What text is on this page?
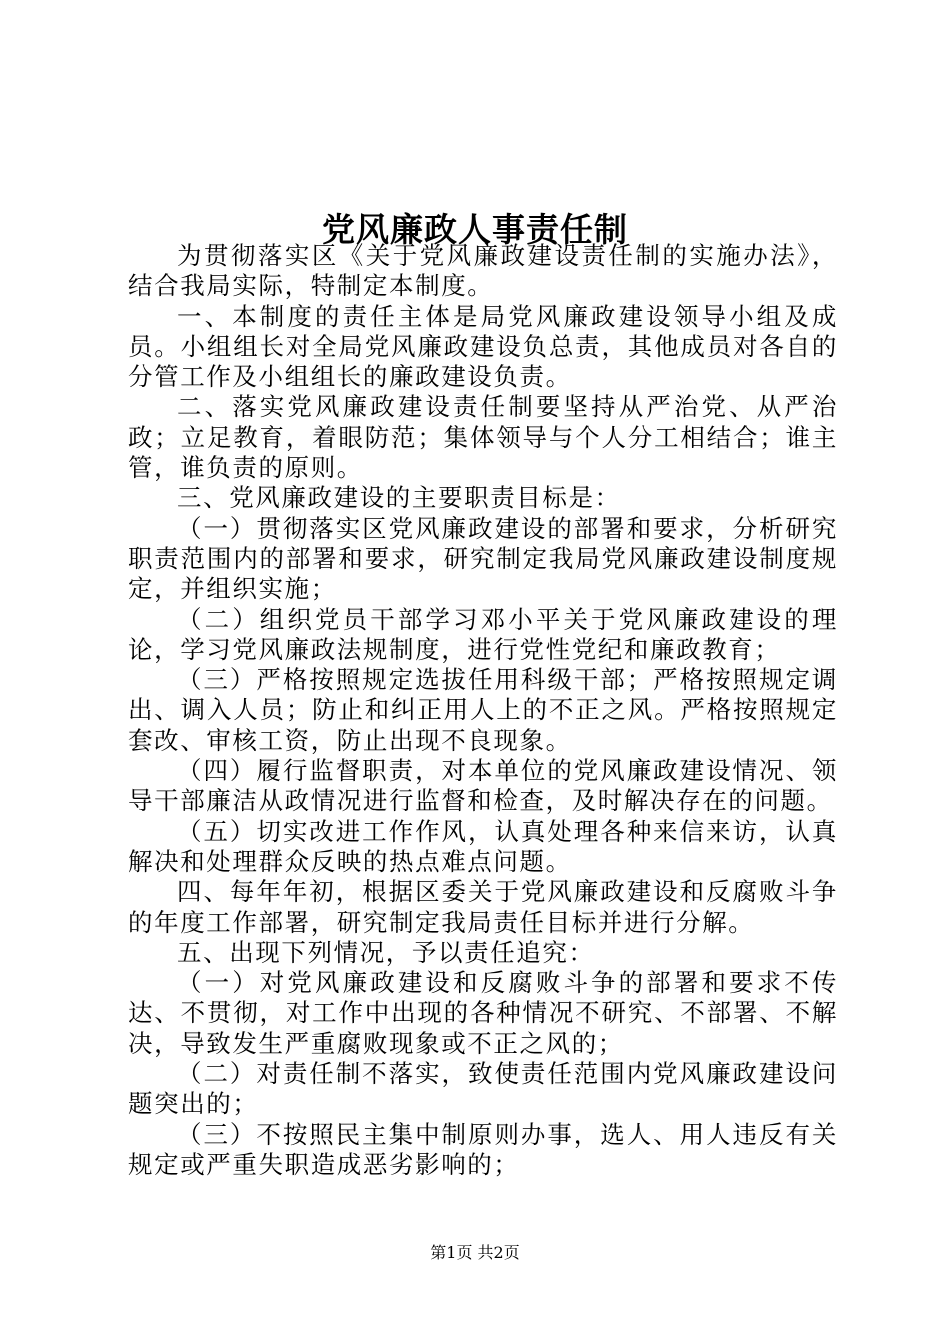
党风廉政人事责任制

为贯彻落实区《关于党风廉政建设责任制的实施办法》，结合我局实际，特制定本制度。

一、本制度的责任主体是局党风廉政建设领导小组及成员。小组组长对全局党风廉政建设负总责，其他成员对各自的分管工作及小组组长的廉政建设负责。

二、落实党风廉政建设责任制要坚持从严治党、从严治政；立足教育，着眼防范；集体领导与个人分工相结合；谁主管，谁负责的原则。

三、党风廉政建设的主要职责目标是：

（一）贯彻落实区党风廉政建设的部署和要求，分析研究职责范围内的部署和要求，研究制定我局党风廉政建设制度规定，并组织实施；

（二）组织党员干部学习邓小平关于党风廉政建设的理论，学习党风廉政法规制度，进行党性党纪和廉政教育；

（三）严格按照规定选拔任用科级干部；严格按照规定调出、调入人员；防止和纠正用人上的不正之风。严格按照规定套改、审核工资，防止出现不良现象。

（四）履行监督职责，对本单位的党风廉政建设情况、领导干部廉洁从政情况进行监督和检查，及时解决存在的问题。

（五）切实改进工作作风，认真处理各种来信来访，认真解决和处理群众反映的热点难点问题。

四、每年年初，根据区委关于党风廉政建设和反腐败斗争的年度工作部署，研究制定我局责任目标并进行分解。

五、出现下列情况，予以责任追究：

（一）对党风廉政建设和反腐败斗争的部署和要求不传达、不贯彻，对工作中出现的各种情况不研究、不部署、不解决，导致发生严重腐败现象或不正之风的；

（二）对责任制不落实，致使责任范围内党风廉政建设问题突出的；

（三）不按照民主集中制原则办事，选人、用人违反有关规定或严重失职造成恶劣影响的；

第1页 共2页
